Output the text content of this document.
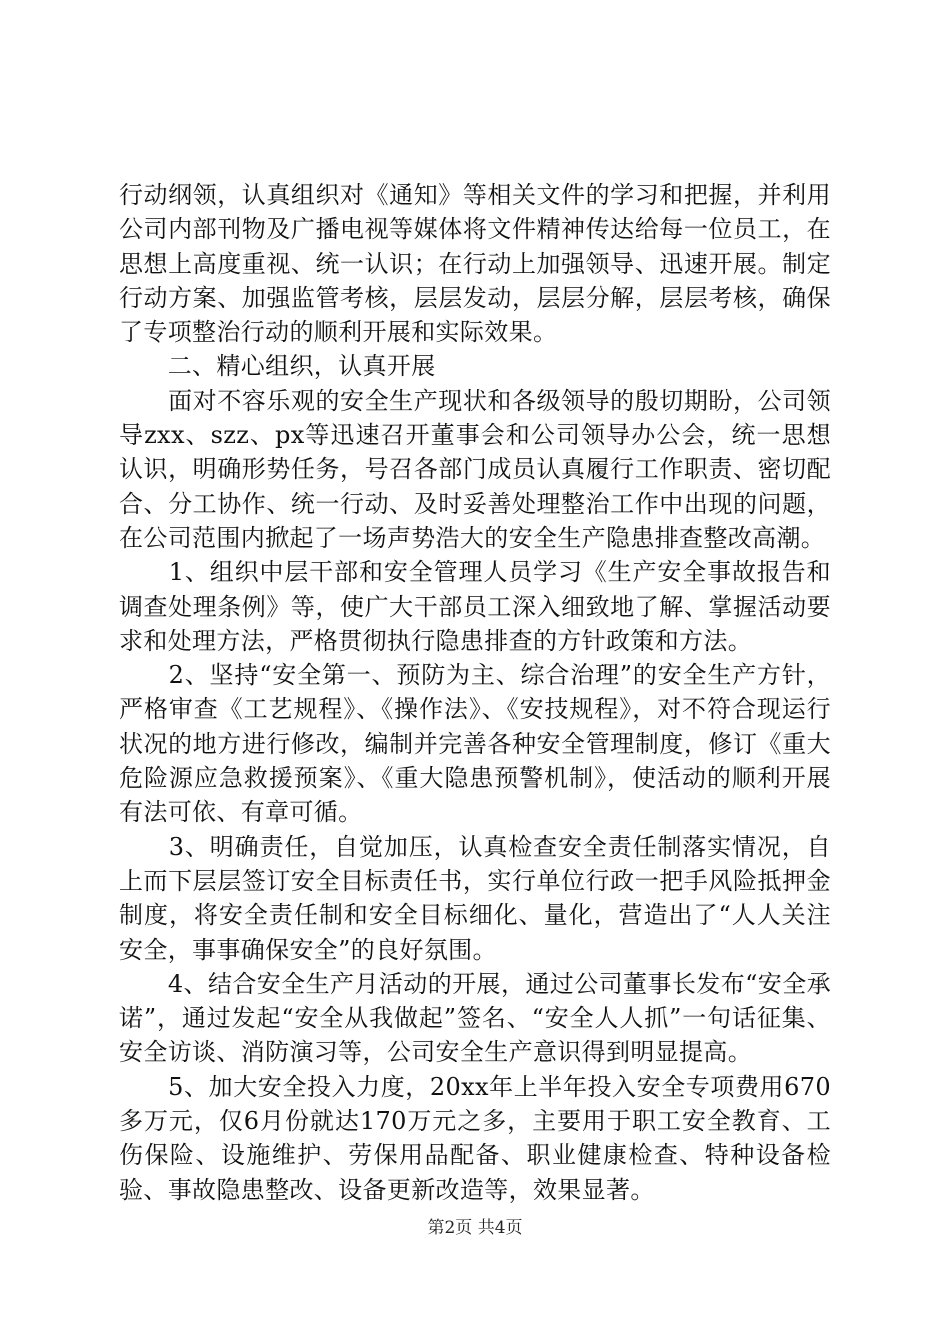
行动纲领，认真组织对《通知》等相关文件的学习和把握，并利用公司内部刊物及广播电视等媒体将文件精神传达给每一位员工，在思想上高度重视、统一认识；在行动上加强领导、迅速开展。制定行动方案、加强监管考核，层层发动，层层分解，层层考核，确保了专项整治行动的顺利开展和实际效果。

　　二、精心组织，认真开展

　　面对不容乐观的安全生产现状和各级领导的殷切期盼，公司领导zxx、szz、px等迅速召开董事会和公司领导办公会，统一思想认识，明确形势任务，号召各部门成员认真履行工作职责、密切配合、分工协作、统一行动、及时妥善处理整治工作中出现的问题，在公司范围内掀起了一场声势浩大的安全生产隐患排查整改高潮。

　　1、组织中层干部和安全管理人员学习《生产安全事故报告和调查处理条例》等，使广大干部员工深入细致地了解、掌握活动要求和处理方法，严格贯彻执行隐患排查的方针政策和方法。

　　2、坚持“安全第一、预防为主、综合治理”的安全生产方针，严格审查《工艺规程》、《操作法》、《安技规程》，对不符合现运行状况的地方进行修改，编制并完善各种安全管理制度，修订《重大危险源应急救援预案》、《重大隐患预警机制》，使活动的顺利开展有法可依、有章可循。

　　3、明确责任，自觉加压，认真检查安全责任制落实情况，自上而下层层签订安全目标责任书，实行单位行政一把手风险抵押金制度，将安全责任制和安全目标细化、量化，营造出了“人人关注安全，事事确保安全”的良好氛围。

　　4、结合安全生产月活动的开展，通过公司董事长发布“安全承诺”，通过发起“安全从我做起”签名、“安全人人抓”一句话征集、安全访谈、消防演习等，公司安全生产意识得到明显提高。

　　5、加大安全投入力度，20xx年上半年投入安全专项费用670多万元，仅6月份就达170万元之多，主要用于职工安全教育、工伤保险、设施维护、劳保用品配备、职业健康检查、特种设备检验、事故隐患整改、设备更新改造等，效果显著。

第2页 共4页
